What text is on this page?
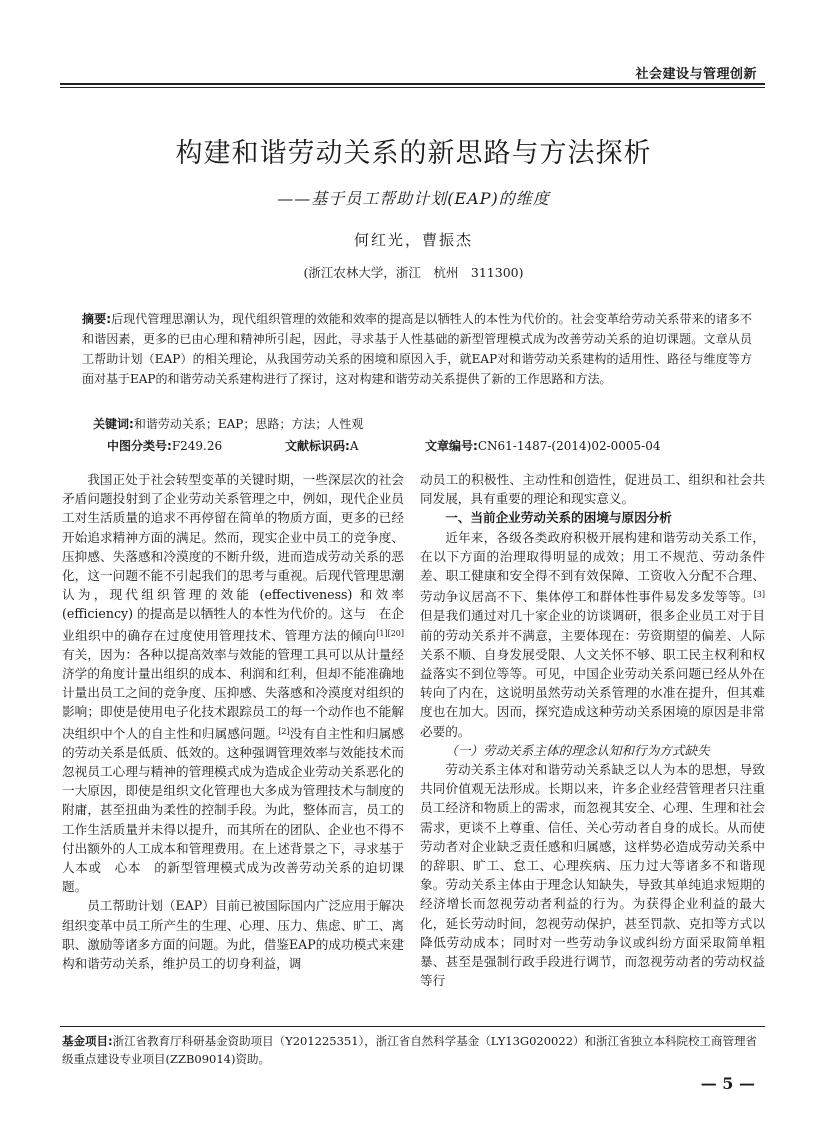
社会建设与管理创新
构建和谐劳动关系的新思路与方法探析
——基于员工帮助计划(EAP)的维度
何红光，曹振杰
(浙江农林大学，浙江　杭州　311300)
摘要:后现代管理思潮认为，现代组织管理的效能和效率的提高是以牺牲人的本性为代价的。社会变革给劳动关系带来的诸多不和谐因素，更多的已由心理和精神所引起，因此，寻求基于人性基础的新型管理模式成为改善劳动关系的迫切课题。文章从员工帮助计划（EAP）的相关理论，从我国劳动关系的困境和原因入手，就EAP对和谐劳动关系建构的适用性、路径与维度等方面对基于EAP的和谐劳动关系建构进行了探讨，这对构建和谐劳动关系提供了新的工作思路和方法。
关键词:和谐劳动关系；EAP；思路；方法；人性观
中图分类号:F249.26	文献标识码:A	文章编号:CN61-1487-(2014)02-0005-04

我国正处于社会转型变革的关键时期，一些深层次的社会矛盾问题投射到了企业劳动关系管理之中，例如，现代企业员工对生活质量的追求不再停留在简单的物质方面，更多的已经开始追求精神方面的满足。然而，现实企业中员工的竞争度、压抑感、失落感和冷漠度的不断升级，进而造成劳动关系的恶化，这一问题不能不引起我们的思考与重视。后现代管理思潮认为，现代组织管理的效能 (effectiveness) 和效率 (efficiency) 的提高是以牺牲人的本性为代价的。这与　在企业组织中的确存在过度使用管理技术、管理方法的倾向[1][20]有关，因为：各种以提高效率与效能的管理工具可以从计量经济学的角度计量出组织的成本、利润和红利，但却不能准确地计量出员工之间的竞争度、压抑感、失落感和冷漠度对组织的影响；即使是使用电子化技术跟踪员工的每一个动作也不能解决组织中个人的自主性和归属感问题。[2]没有自主性和归属感的劳动关系是低质、低效的。这种强调管理效率与效能技术而忽视员工心理与精神的管理模式成为造成企业劳动关系恶化的一大原因，即使是组织文化管理也大多成为管理技术与制度的附庸，甚至扭曲为柔性的控制手段。为此，整体而言，员工的工作生活质量并未得以提升，而其所在的团队、企业也不得不付出额外的人工成本和管理费用。在上述背景之下，寻求基于人本或　心本　的新型管理模式成为改善劳动关系的迫切课题。

员工帮助计划（EAP）目前已被国际国内广泛应用于解决组织变革中员工所产生的生理、心理、压力、焦虑、旷工、离职、激励等诸多方面的问题。为此，借鉴EAP的成功模式来建构和谐劳动关系，维护员工的切身利益，调

动员工的积极性、主动性和创造性，促进员工、组织和社会共同发展，具有重要的理论和现实意义。

一、当前企业劳动关系的困境与原因分析

近年来，各级各类政府积极开展构建和谐劳动关系工作，在以下方面的治理取得明显的成效；用工不规范、劳动条件差、职工健康和安全得不到有效保障、工资收入分配不合理、劳动争议居高不下、集体停工和群体性事件易发多发等等。[3]但是我们通过对几十家企业的访谈调研，很多企业员工对于目前的劳动关系并不满意，主要体现在：劳资期望的偏差、人际关系不顺、自身发展受限、人文关怀不够、职工民主权利和权益落实不到位等等。可见，中国企业劳动关系问题已经从外在转向了内在，这说明虽然劳动关系管理的水准在提升，但其难度也在加大。因而，探究造成这种劳动关系困境的原因是非常必要的。

（一）劳动关系主体的理念认知和行为方式缺失

劳动关系主体对和谐劳动关系缺乏以人为本的思想，导致共同价值观无法形成。长期以来，许多企业经营管理者只注重员工经济和物质上的需求，而忽视其安全、心理、生理和社会需求，更谈不上尊重、信任、关心劳动者自身的成长。从而使劳动者对企业缺乏责任感和归属感，这样势必造成劳动关系中的辞职、旷工、怠工、心理疾病、压力过大等诸多不和谐现象。劳动关系主体由于理念认知缺失，导致其单纯追求短期的经济增长而忽视劳动者利益的行为。为获得企业利益的最大化，延长劳动时间，忽视劳动保护，甚至罚款、克扣等方式以降低劳动成本；同时对一些劳动争议或纠纷方面采取简单粗暴、甚至是强制行政手段进行调节，而忽视劳动者的劳动权益等行

基金项目:浙江省教育厅科研基金资助项目（Y201225351），浙江省自然科学基金（LY13G020022）和浙江省独立本科院校工商管理省级重点建设专业项目(ZZB09014)资助。
— 5 —
